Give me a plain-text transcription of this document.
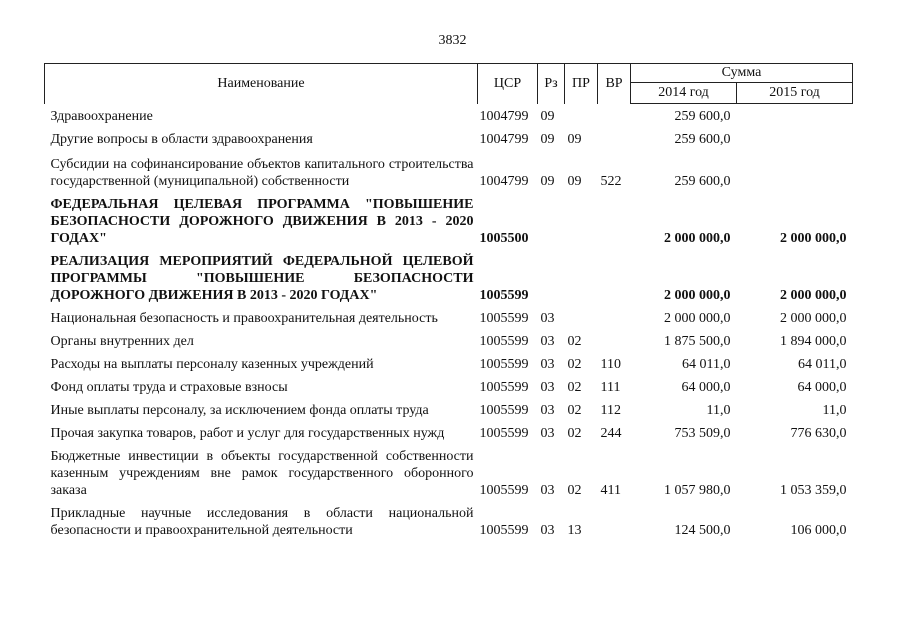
3832
Наименование	ЦСР	Рз	ПР	ВР	Сумма	
					2014 год	2015 год
Здравоохранение	1004799	09			259 600,0	
Другие вопросы в области здравоохранения	1004799	09	09		259 600,0	
Субсидии на софинансирование объектов капитального строительства государственной (муниципальной) собственности	1004799	09	09	522	259 600,0	
ФЕДЕРАЛЬНАЯ ЦЕЛЕВАЯ ПРОГРАММА "ПОВЫШЕНИЕ БЕЗОПАСНОСТИ ДОРОЖНОГО ДВИЖЕНИЯ В 2013 - 2020 ГОДАХ"	1005500				2 000 000,0	2 000 000,0
РЕАЛИЗАЦИЯ МЕРОПРИЯТИЙ ФЕДЕРАЛЬНОЙ ЦЕЛЕВОЙ ПРОГРАММЫ "ПОВЫШЕНИЕ БЕЗОПАСНОСТИ ДОРОЖНОГО ДВИЖЕНИЯ В 2013 - 2020 ГОДАХ"	1005599				2 000 000,0	2 000 000,0
Национальная безопасность и правоохранительная деятельность	1005599	03			2 000 000,0	2 000 000,0
Органы внутренних дел	1005599	03	02		1 875 500,0	1 894 000,0
Расходы на выплаты персоналу казенных учреждений	1005599	03	02	110	64 011,0	64 011,0
Фонд оплаты труда и страховые взносы	1005599	03	02	111	64 000,0	64 000,0
Иные выплаты персоналу, за исключением фонда оплаты труда	1005599	03	02	112	11,0	11,0
Прочая закупка товаров, работ и услуг для государственных нужд	1005599	03	02	244	753 509,0	776 630,0
Бюджетные инвестиции в объекты государственной собственности казенным учреждениям вне рамок государственного оборонного заказа	1005599	03	02	411	1 057 980,0	1 053 359,0
Прикладные научные исследования в области национальной безопасности и правоохранительной деятельности	1005599	03	13		124 500,0	106 000,0
